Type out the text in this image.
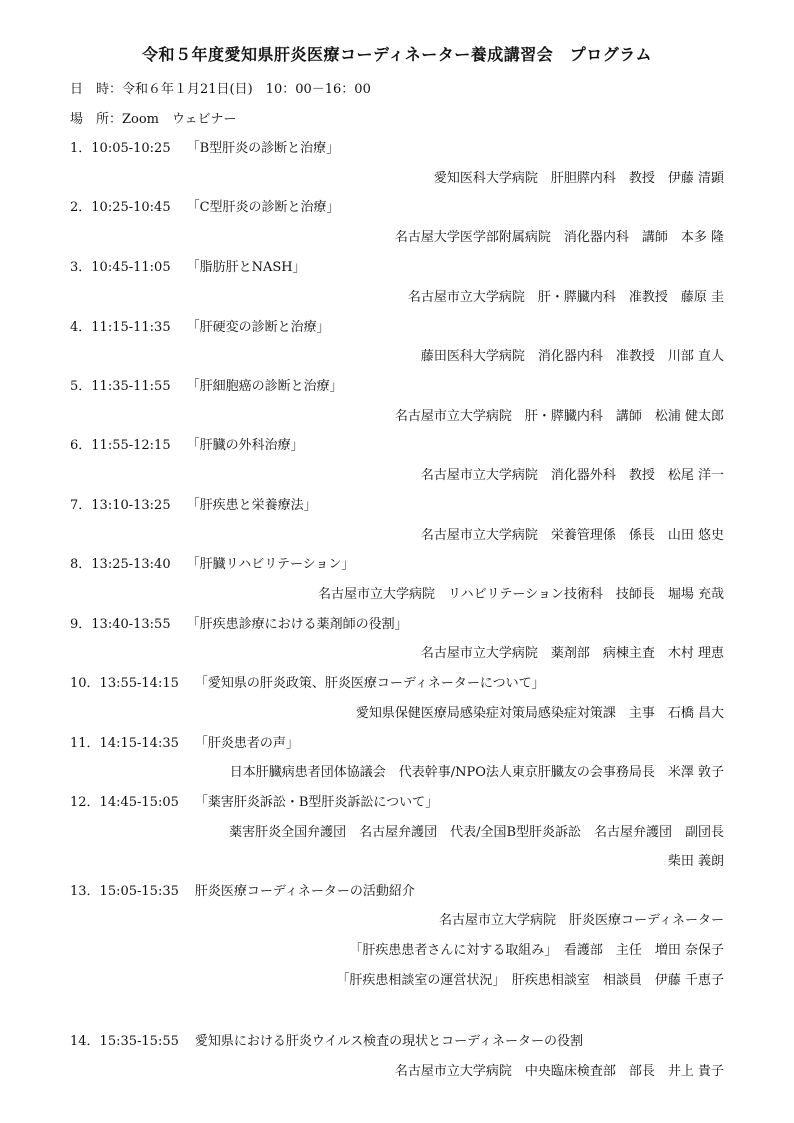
令和５年度愛知県肝炎医療コーディネーター養成講習会　プログラム
日　時：令和６年１月21日(日)　10：00－16：00
場　所：Zoom　ウェビナー
1．10:05-10:25 「B型肝炎の診断と治療」
愛知医科大学病院　肝胆膵内科　教授　伊藤 清顕
2．10:25-10:45 「C型肝炎の診断と治療」
名古屋大学医学部附属病院　消化器内科　講師　本多 隆
3．10:45-11:05 「脂肪肝とNASH」
名古屋市立大学病院　肝・膵臓内科　准教授　藤原 圭
4．11:15-11:35 「肝硬変の診断と治療」
藤田医科大学病院　消化器内科　准教授　川部 直人
5．11:35-11:55 「肝細胞癌の診断と治療」
名古屋市立大学病院　肝・膵臓内科　講師　松浦 健太郎
6．11:55-12:15 「肝臓の外科治療」
名古屋市立大学病院　消化器外科　教授　松尾 洋一
7．13:10-13:25 「肝疾患と栄養療法」
名古屋市立大学病院　栄養管理係　係長　山田 悠史
8．13:25-13:40 「肝臓リハビリテーション」
名古屋市立大学病院　リハビリテーション技術科　技師長　堀場 充哉
9．13:40-13:55 「肝疾患診療における薬剤師の役割」
名古屋市立大学病院　薬剤部　病棟主査　木村 理恵
10．13:55-14:15 「愛知県の肝炎政策、肝炎医療コーディネーターについて」
愛知県保健医療局感染症対策局感染症対策課　主事　石橋 昌大
11．14:15-14:35 「肝炎患者の声」
日本肝臓病患者団体協議会　代表幹事/NPO法人東京肝臓友の会事務局長　米澤 敦子
12．14:45-15:05 「薬害肝炎訴訟・B型肝炎訴訟について」
薬害肝炎全国弁護団　名古屋弁護団　代表/全国B型肝炎訴訟　名古屋弁護団　副団長
柴田 義朗
13．15:05-15:35 肝炎医療コーディネーターの活動紹介
名古屋市立大学病院　肝炎医療コーディネーター
「肝疾患患者さんに対する取組み」　看護部　主任　増田 奈保子
「肝疾患相談室の運営状況」　肝疾患相談室　相談員　伊藤 千恵子
14．15:35-15:55 愛知県における肝炎ウイルス検査の現状とコーディネーターの役割
名古屋市立大学病院　中央臨床検査部　部長　井上 貴子
